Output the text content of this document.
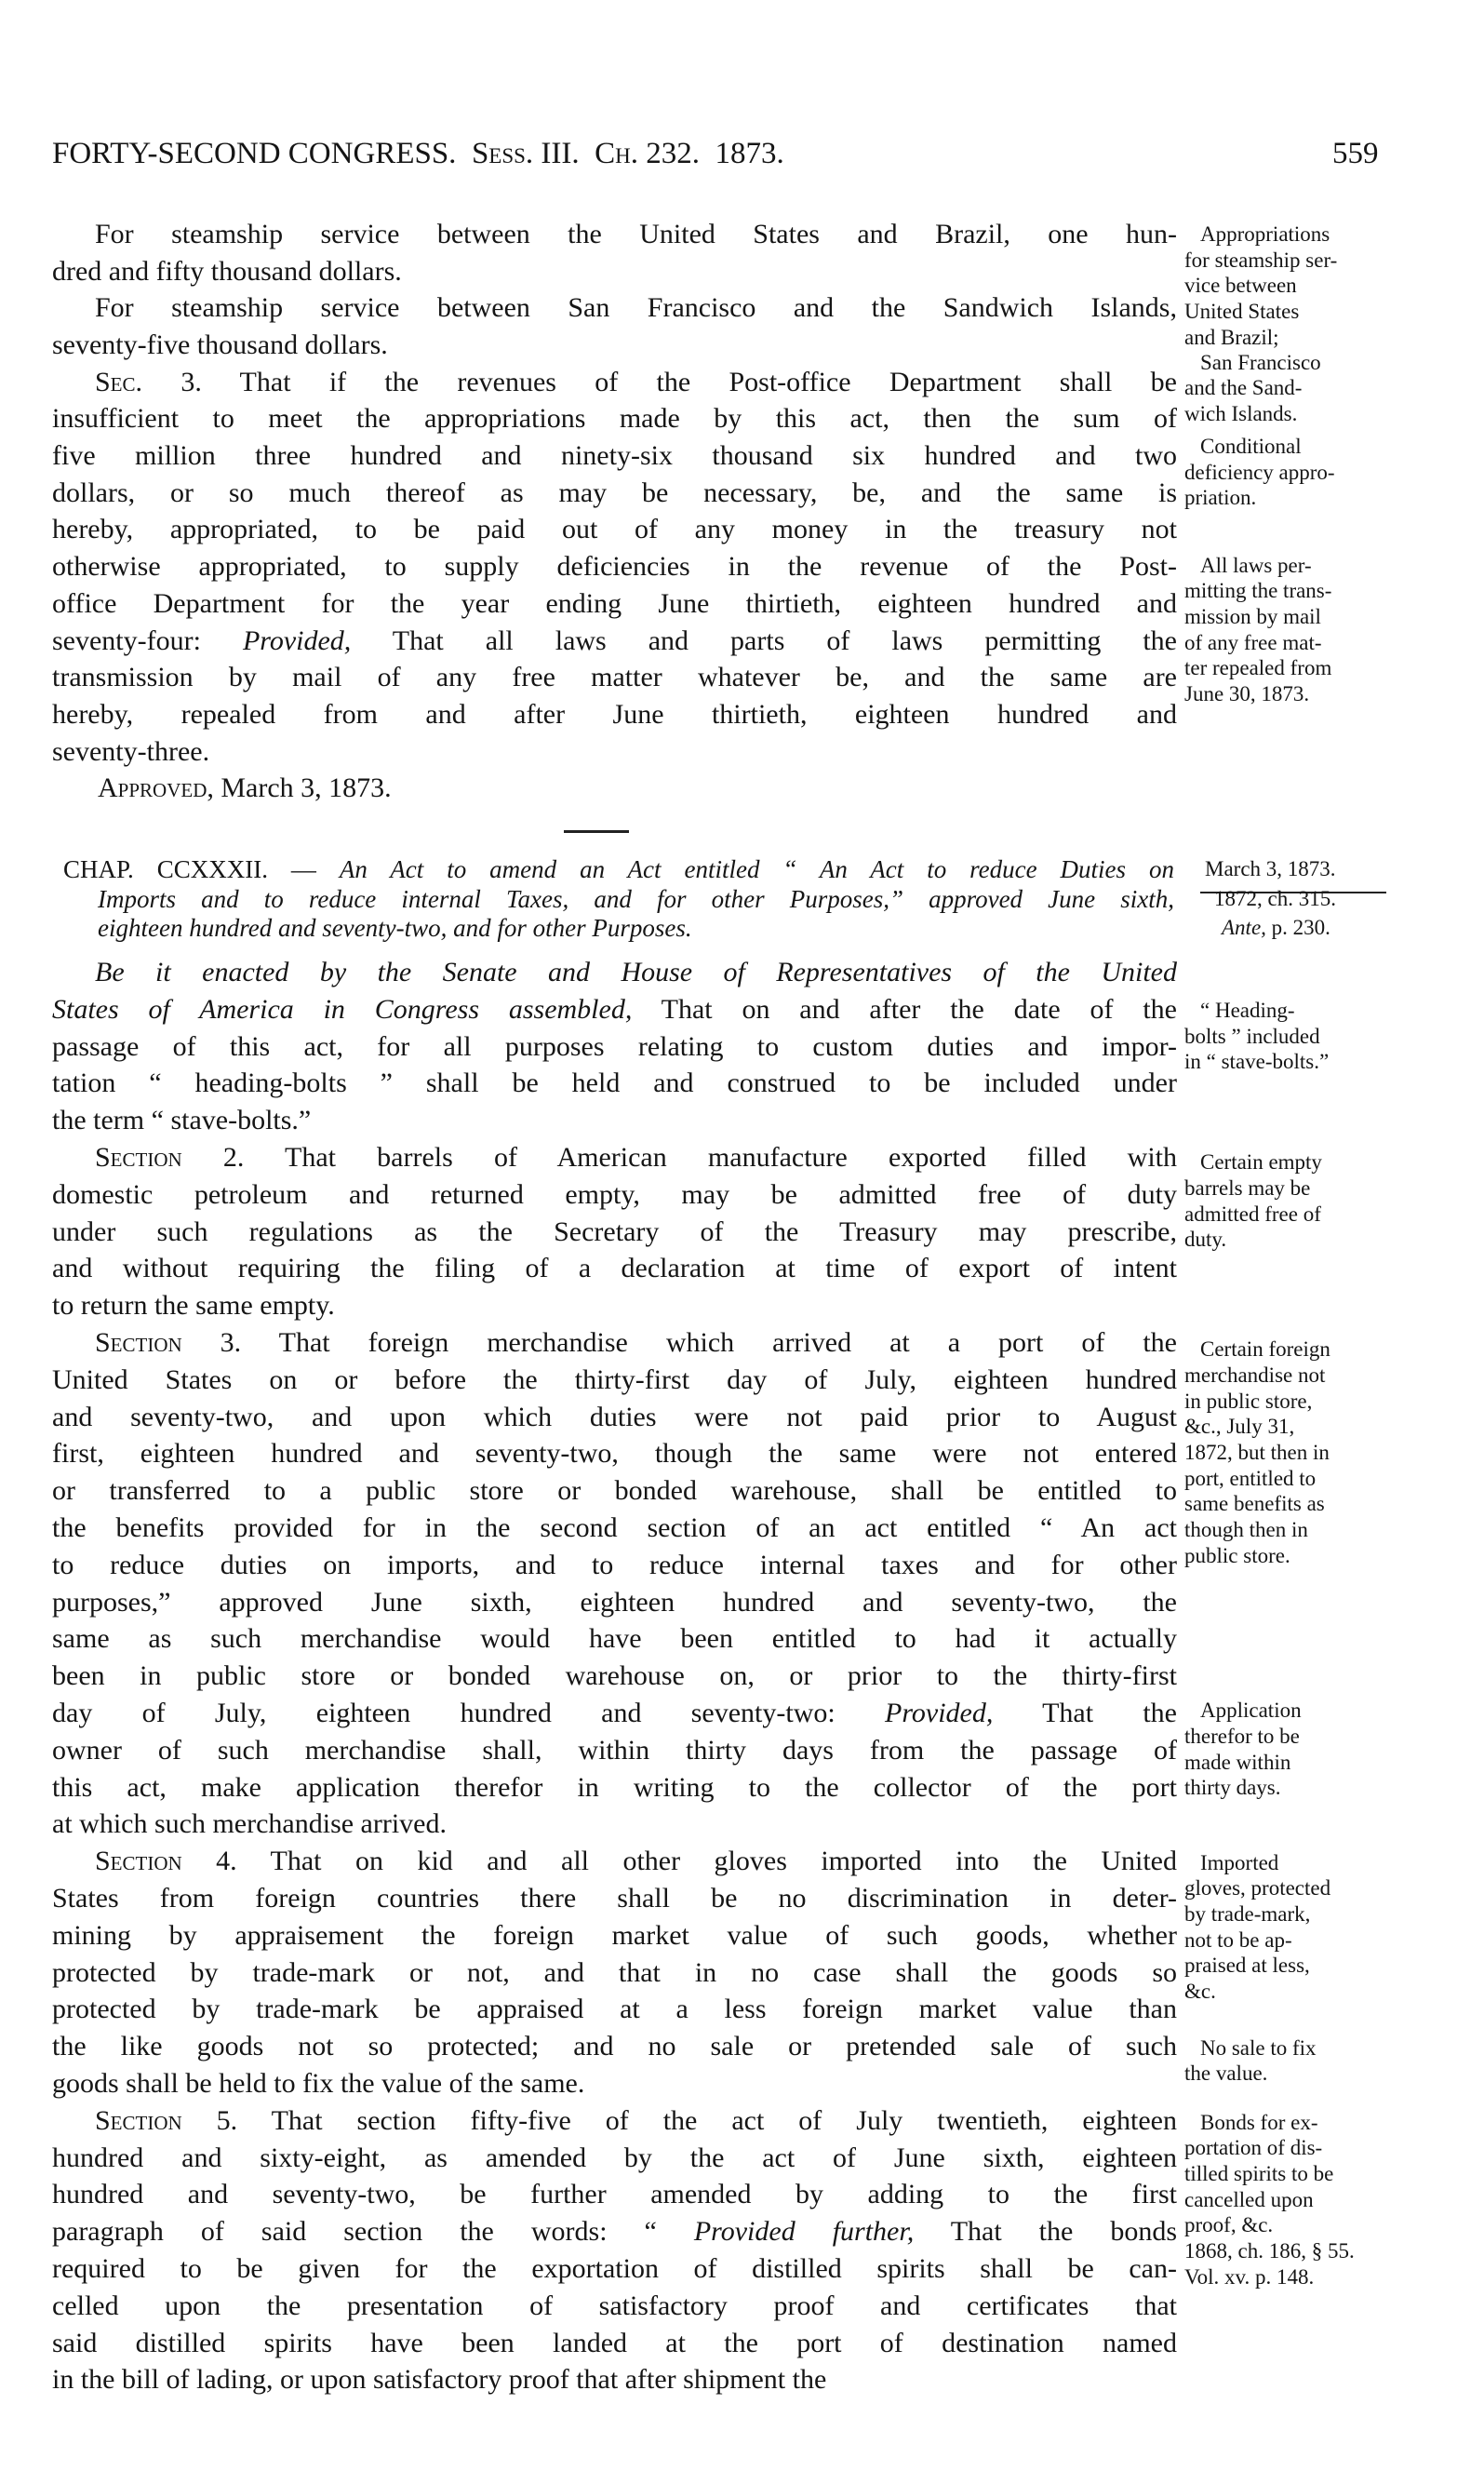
FORTY-SECOND CONGRESS.  Sess. III.  Ch. 232.  1873.	559
For steamship service between the United States and Brazil, one hun-
dred and fifty thousand dollars.
For steamship service between San Francisco and the Sandwich Islands,
seventy-five thousand dollars.
Sec. 3. That if the revenues of the Post-office Department shall be
insufficient to meet the appropriations made by this act, then the sum of
five million three hundred and ninety-six thousand six hundred and two
dollars, or so much thereof as may be necessary, be, and the same is
hereby, appropriated, to be paid out of any money in the treasury not
otherwise appropriated, to supply deficiencies in the revenue of the Post-
office Department for the year ending June thirtieth, eighteen hundred and
seventy-four: Provided, That all laws and parts of laws permitting the
transmission by mail of any free matter whatever be, and the same are
hereby, repealed from and after June thirtieth, eighteen hundred and
seventy-three.
Approved, March 3, 1873.
CHAP. CCXXXII. — An Act to amend an Act entitled “ An Act to reduce Duties on
Imports and to reduce internal Taxes, and for other Purposes,” approved June sixth,
eighteen hundred and seventy-two, and for other Purposes.
Be it enacted by the Senate and House of Representatives of the United
States of America in Congress assembled, That on and after the date of the
passage of this act, for all purposes relating to custom duties and impor-
tation “ heading-bolts ” shall be held and construed to be included under
the term “ stave-bolts.”
Section 2. That barrels of American manufacture exported filled with
domestic petroleum and returned empty, may be admitted free of duty
under such regulations as the Secretary of the Treasury may prescribe,
and without requiring the filing of a declaration at time of export of intent
to return the same empty.
Section 3. That foreign merchandise which arrived at a port of the
United States on or before the thirty-first day of July, eighteen hundred
and seventy-two, and upon which duties were not paid prior to August
first, eighteen hundred and seventy-two, though the same were not entered
or transferred to a public store or bonded warehouse, shall be entitled to
the benefits provided for in the second section of an act entitled “ An act
to reduce duties on imports, and to reduce internal taxes and for other
purposes,” approved June sixth, eighteen hundred and seventy-two, the
same as such merchandise would have been entitled to had it actually
been in public store or bonded warehouse on, or prior to the thirty-first
day of July, eighteen hundred and seventy-two: Provided, That the
owner of such merchandise shall, within thirty days from the passage of
this act, make application therefor in writing to the collector of the port
at which such merchandise arrived.
Section 4. That on kid and all other gloves imported into the United
States from foreign countries there shall be no discrimination in deter-
mining by appraisement the foreign market value of such goods, whether
protected by trade-mark or not, and that in no case shall the goods so
protected by trade-mark be appraised at a less foreign market value than
the like goods not so protected; and no sale or pretended sale of such
goods shall be held to fix the value of the same.
Section 5. That section fifty-five of the act of July twentieth, eighteen
hundred and sixty-eight, as amended by the act of June sixth, eighteen
hundred and seventy-two, be further amended by adding to the first
paragraph of said section the words: “ Provided further, That the bonds
required to be given for the exportation of distilled spirits shall be can-
celled upon the presentation of satisfactory proof and certificates that
said distilled spirits have been landed at the port of destination named
in the bill of lading, or upon satisfactory proof that after shipment the
Appropriations
for steamship ser-
vice between
United States
and Brazil;
San Francisco
and the Sand-
wich Islands.
Conditional
deficiency appro-
priation.
All laws per-
mitting the trans-
mission by mail
of any free mat-
ter repealed from
June 30, 1873.
March 3, 1873.
1872, ch. 315.
Ante, p. 230.
“ Heading-
bolts ” included
in “ stave-bolts.”
Certain empty
barrels may be
admitted free of
duty.
Certain foreign
merchandise not
in public store,
&c., July 31,
1872, but then in
port, entitled to
same benefits as
though then in
public store.
Application
therefor to be
made within
thirty days.
Imported
gloves, protected
by trade-mark,
not to be ap-
praised at less,
&c.
No sale to fix
the value.
Bonds for ex-
portation of dis-
tilled spirits to be
cancelled upon
proof, &c.
1868, ch. 186, § 55.
Vol. xv. p. 148.
